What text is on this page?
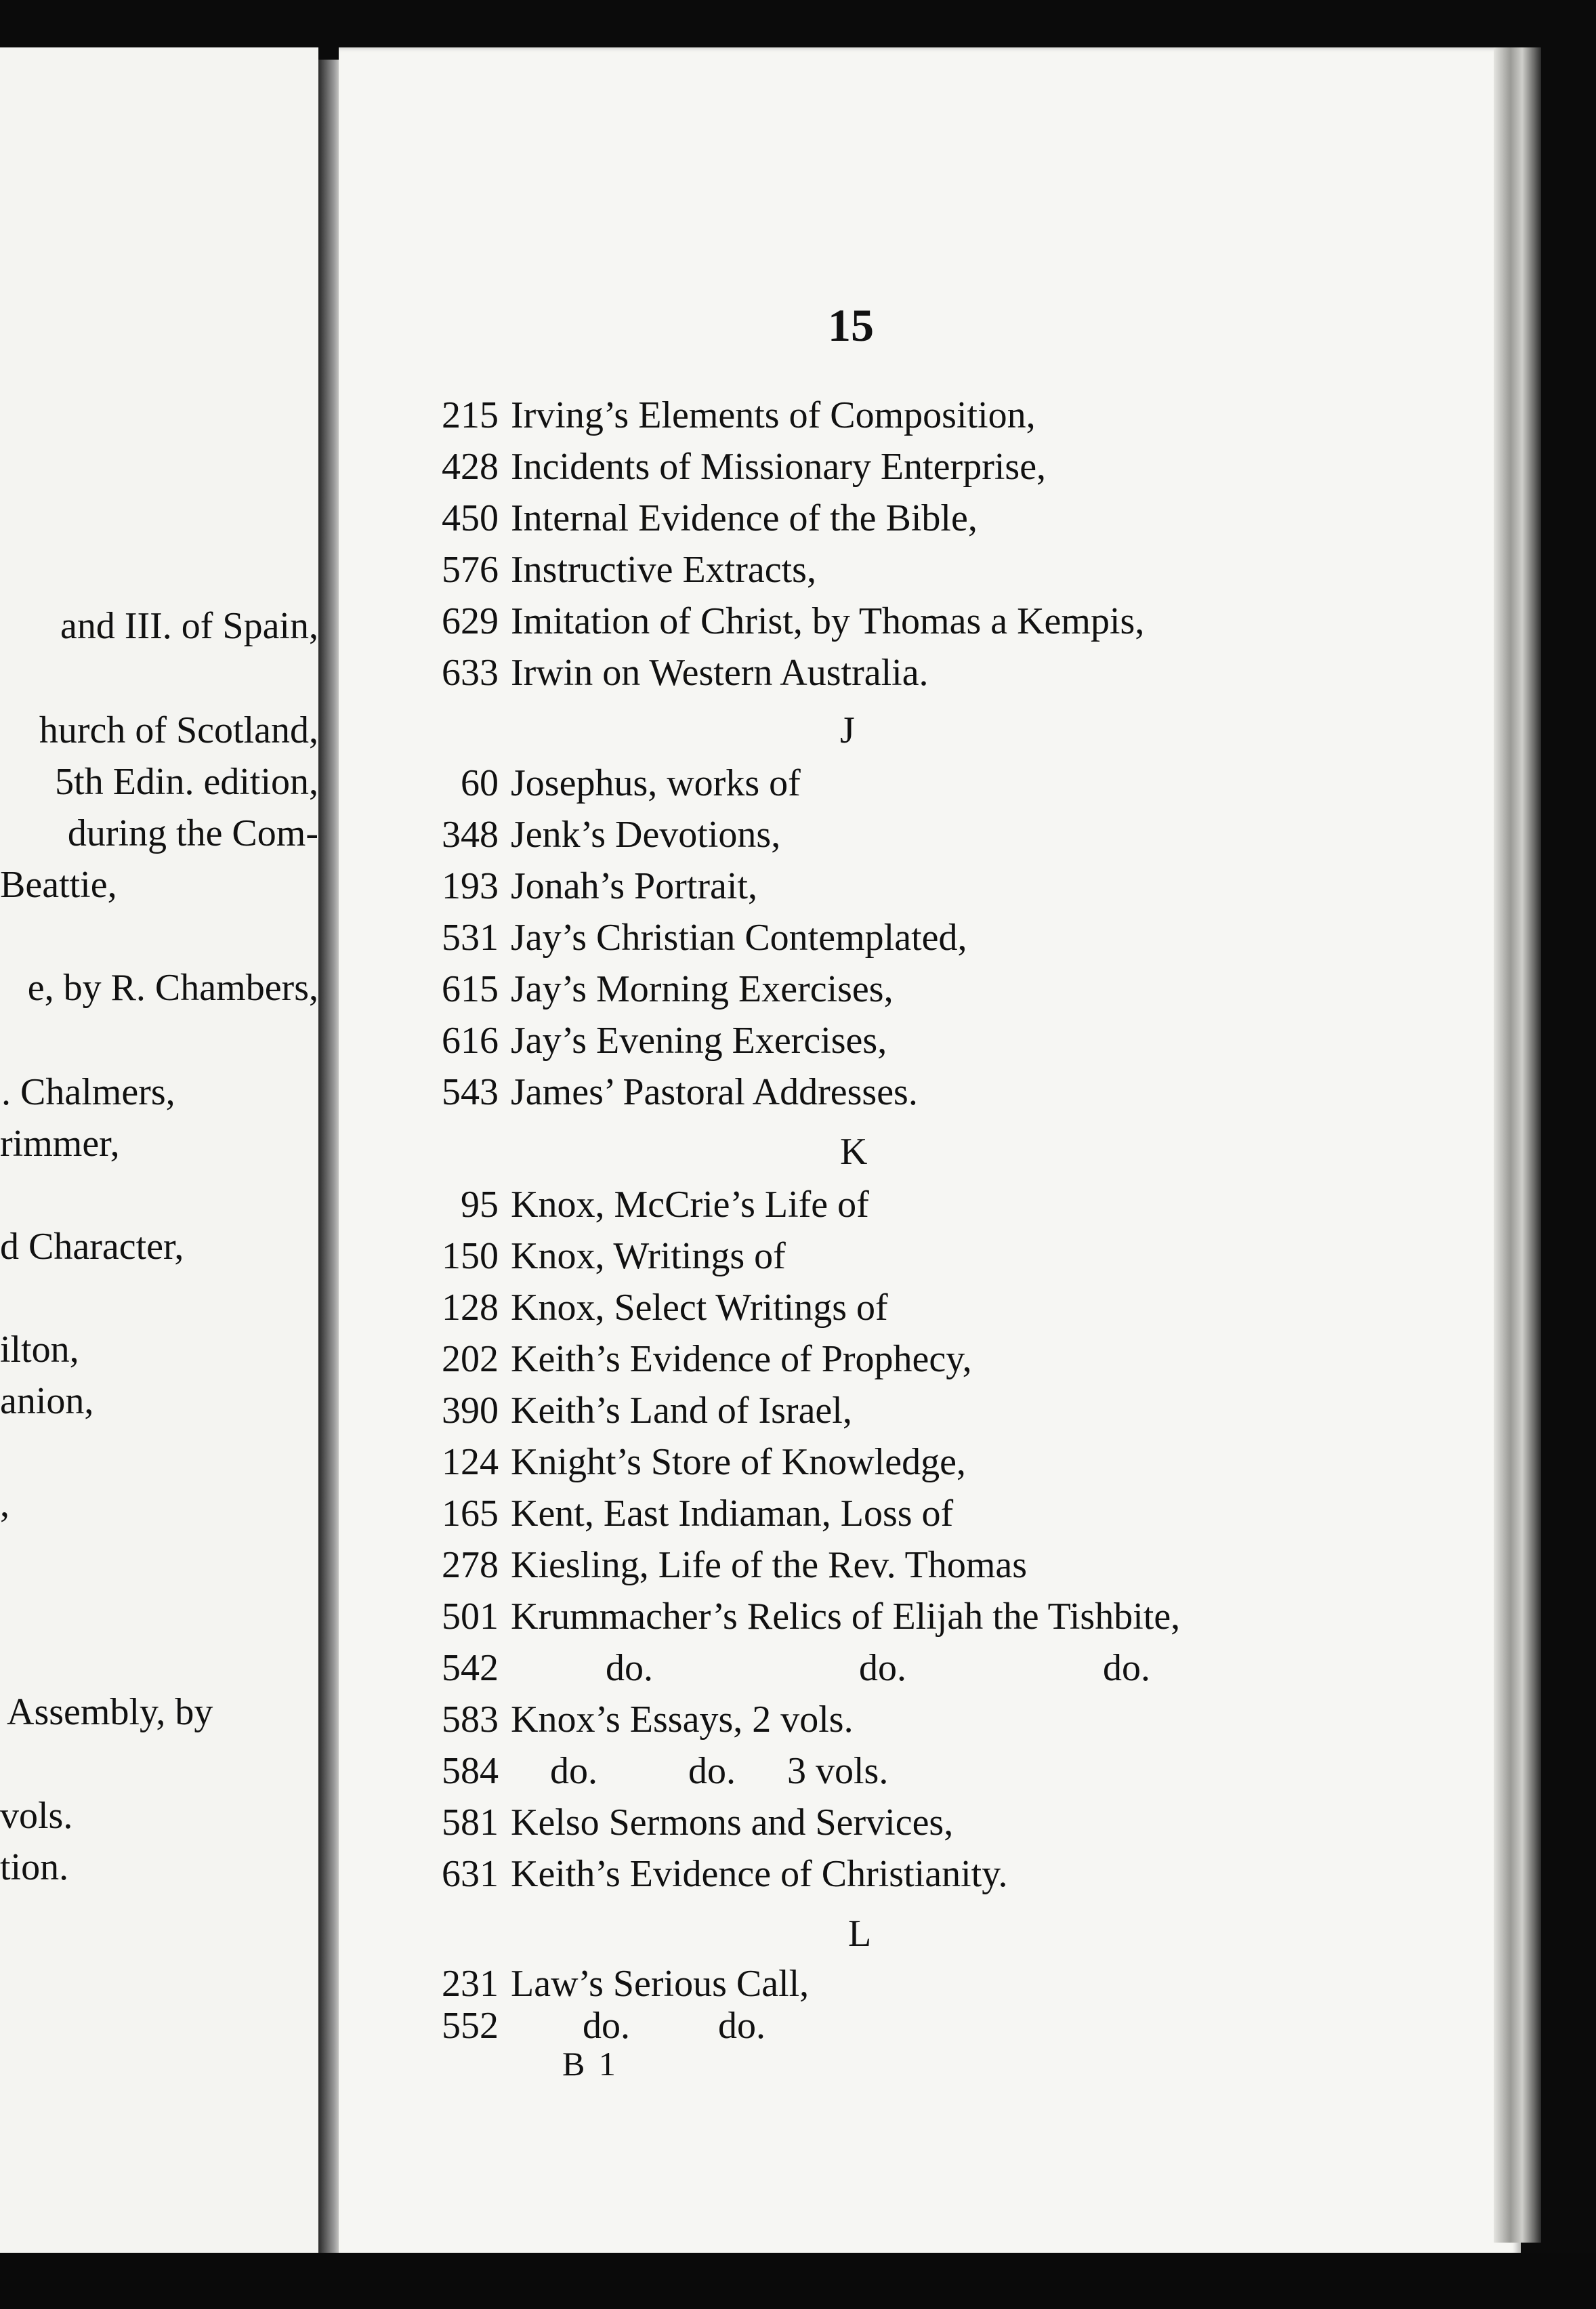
and III. of Spain,
hurch of Scotland,
5th Edin. edition,
during the Com-
Beattie,
e, by R. Chambers,
. Chalmers,
rimmer,
d Character,
ilton,
anion,
,
Assembly, by
vols.
tion.
15
215 Irving’s Elements of Composition,
428 Incidents of Missionary Enterprise,
450 Internal Evidence of the Bible,
576 Instructive Extracts,
629 Imitation of Christ, by Thomas a Kempis,
633 Irwin on Western Australia.
J
60 Josephus, works of
348 Jenk’s Devotions,
193 Jonah’s Portrait,
531 Jay’s Christian Contemplated,
615 Jay’s Morning Exercises,
616 Jay’s Evening Exercises,
543 James’ Pastoral Addresses.
K
95 Knox, McCrie’s Life of
150 Knox, Writings of
128 Knox, Select Writings of
202 Keith’s Evidence of Prophecy,
390 Keith’s Land of Israel,
124 Knight’s Store of Knowledge,
165 Kent, East Indiaman, Loss of
278 Kiesling, Life of the Rev. Thomas
501 Krummacher’s Relics of Elijah the Tishbite,
542	do.	do.	do.
583 Knox’s Essays, 2 vols.
584 do. do. 3 vols.
581 Kelso Sermons and Services,
631 Keith’s Evidence of Christianity.
L
231 Law’s Serious Call,
552 do. do.
B 1
